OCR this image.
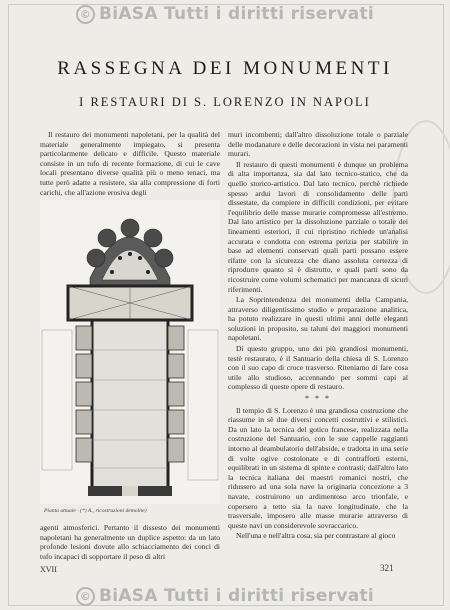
© BiASA Tutti i diritti riservati
RASSEGNA DEI MONUMENTI
I RESTAURI DI S. LORENZO IN NAPOLI

Il restauro dei monumenti napoletani, per la qualità del materiale generalmente impiegato, si presenta particolarmente delicato e difficile. Questo materiale consiste in un tufo di recente formazione, di cui le cave locali presentano diverse qualità più o meno tenaci, ma tutte però adatte a resistere, sia alla compressione di forti carichi, che all'azione erosiva degli

Pianta attuale · (*) A., ricostruzioni demolite)

agenti atmosferici. Pertanto il dissesto dei monumenti napoletani ha generalmente un duplice aspetto: da un lato profonde lesioni dovute allo schiacciamento dei conci di tufo incapaci di sopportare il peso di altri

muri incombenti; dall'altro dissoluzione totale o parziale delle modanature e delle decorazioni in vista nei paramenti murari.

Il restauro di questi monumenti è dunque un problema di alta importanza, sia dal lato tecnico-statico, che da quello storico-artistico. Dal lato tecnico, perchè richiede spesso ardui lavori di consolidamento delle parti dissestate, da compiere in difficili condizioni, per evitare l'equilibrio delle masse murarie compromesse all'estremo. Dal lato artistico per la dissoluzione parziale o totale dei lineamenti esteriori, il cui ripristino richiede un'analisi accurata e condotta con estrema perizia per stabilire in base ad elementi conservati quali parti possano essere rifatte con la sicurezza che diano assoluta certezza di riprodurre quanto si è distrutto, e quali parti sono da ricostruire come volumi schematici per mancanza di sicuri riferimenti.

La Soprintendenza dei monumenti della Campania, attraverso diligentissimo studio e preparazione analitica, ha potuto realizzare in questi ultimi anni delle eleganti soluzioni in proposito, su taluni dei maggiori monumenti napoletani.

Di questo gruppo, uno dei più grandiosi monumenti, testè restaurato, è il Santuario della chiesa di S. Lorenzo con il suo capo di croce trasverso. Riteniamo di fare cosa utile allo studioso, accennando per sommi capi al complesso di queste opere di restauro.

* * *

Il tempio di S. Lorenzo è una grandiosa costruzione che riassume in sè due diversi concetti costruttivi e stilistici. Da un lato la tecnica del gotico francese, realizzata nella costruzione del Santuario, con le sue cappelle raggianti intorno al deambulatorio dell'abside, e tradotta in una serie di volte ogive costolonate e di contrafforti esterni, equilibrati in un sistema di spinte e contrasti; dall'altro lato la tecnica italiana dei maestri romanici nostri, che ridussero ad una sola nave la originaria concezione a 3 navate, costruirono un ardimentoso arco trionfale, e copersero a tetto sia la nave longitudinale, che la trasversale, imposero alle masse murarie attraverso di queste navi un considerevole sovraccarico.

Nell'una e nell'altra cosa, sia per contrastare al gioco

XVII	321
© BiASA Tutti i diritti riservati
